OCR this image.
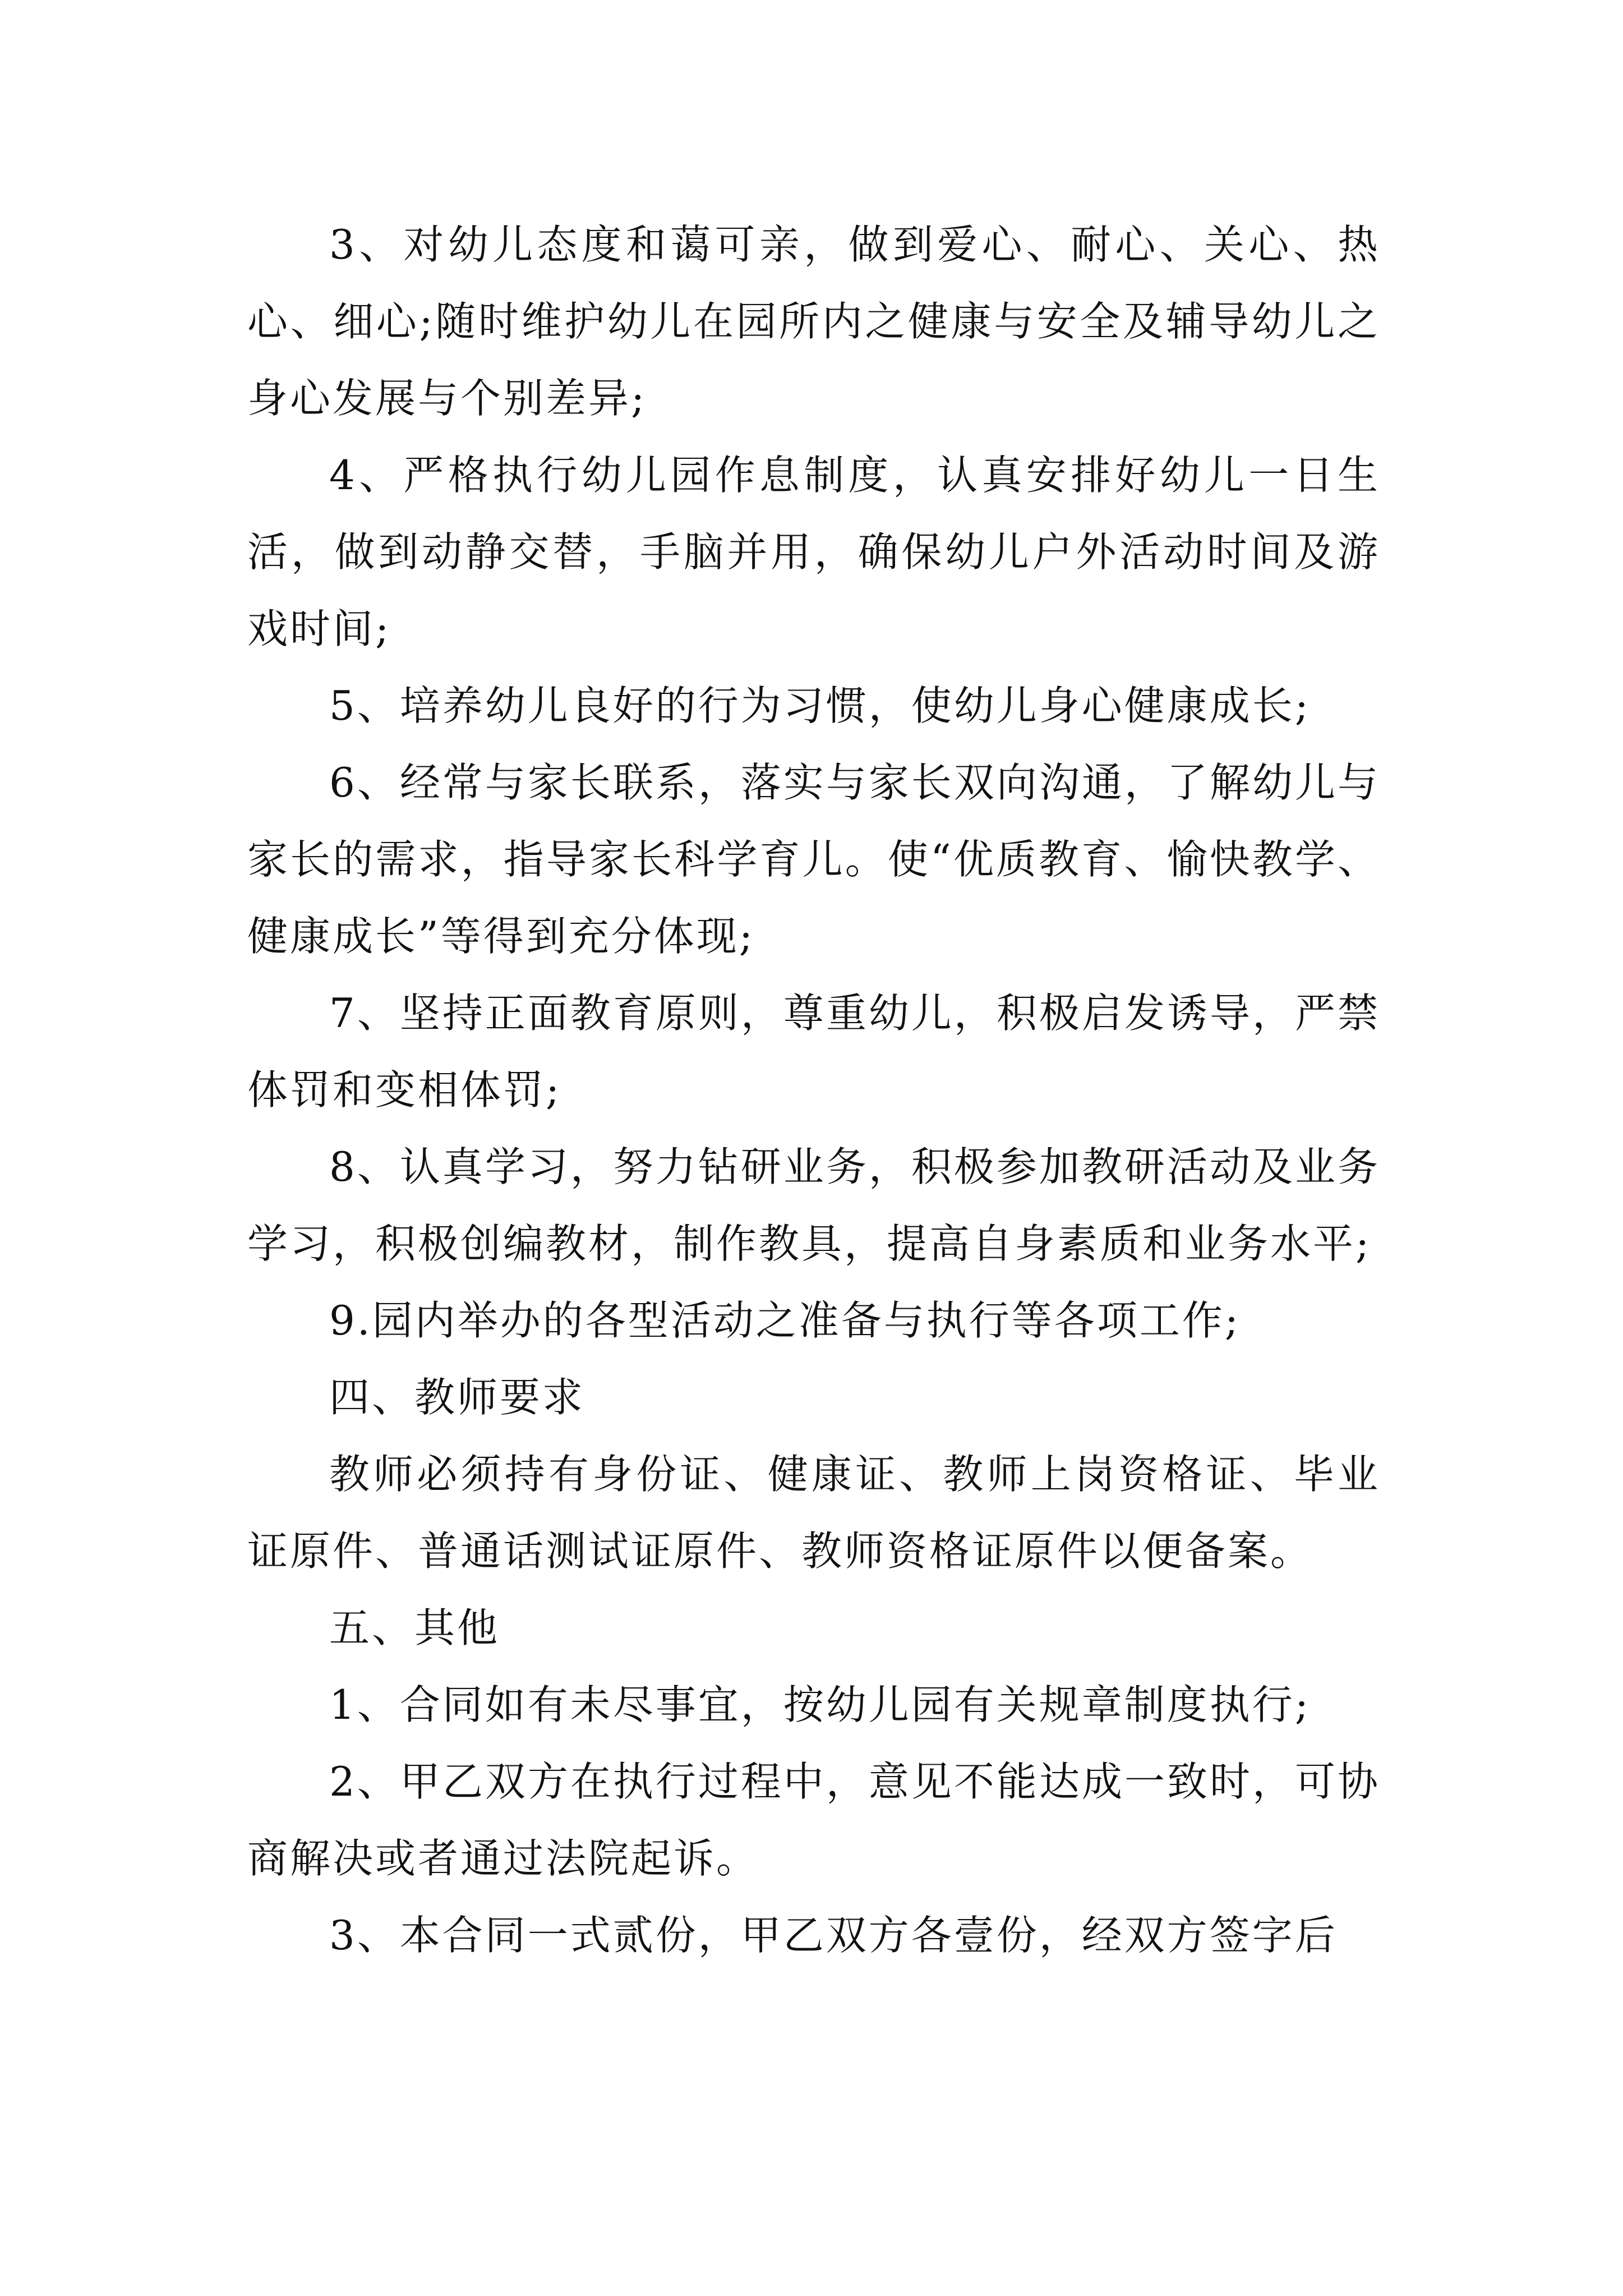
3、对幼儿态度和蔼可亲，做到爱心、耐心、关心、热心、细心;随时维护幼儿在园所内之健康与安全及辅导幼儿之身心发展与个别差异;

4、严格执行幼儿园作息制度，认真安排好幼儿一日生活，做到动静交替，手脑并用，确保幼儿户外活动时间及游戏时间;

5、培养幼儿良好的行为习惯，使幼儿身心健康成长;

6、经常与家长联系，落实与家长双向沟通，了解幼儿与家长的需求，指导家长科学育儿。使“优质教育、愉快教学、健康成长”等得到充分体现;

7、坚持正面教育原则，尊重幼儿，积极启发诱导，严禁体罚和变相体罚;

8、认真学习，努力钻研业务，积极参加教研活动及业务学习，积极创编教材，制作教具，提高自身素质和业务水平;

9.园内举办的各型活动之准备与执行等各项工作;

四、教师要求

教师必须持有身份证、健康证、教师上岗资格证、毕业证原件、普通话测试证原件、教师资格证原件以便备案。

五、其他

1、合同如有未尽事宜，按幼儿园有关规章制度执行;

2、甲乙双方在执行过程中，意见不能达成一致时，可协商解决或者通过法院起诉。

3、本合同一式贰份，甲乙双方各壹份，经双方签字后
